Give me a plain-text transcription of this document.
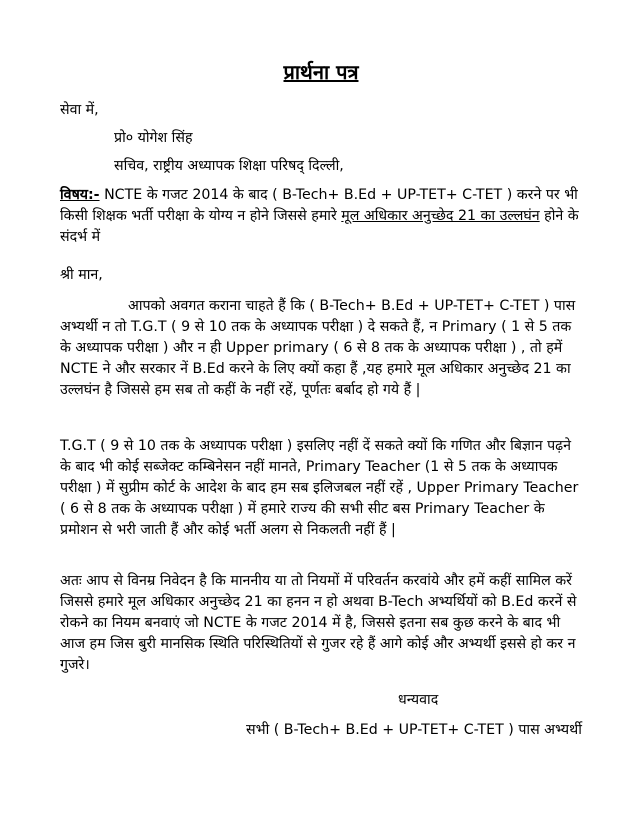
प्रार्थना पत्र
सेवा में,
प्रो० योगेश सिंह
सचिव, राष्ट्रीय अध्यापक शिक्षा परिषद् दिल्ली,
विषय:- NCTE के गजट 2014 के बाद ( B-Tech+ B.Ed + UP-TET+ C-TET ) करने पर भी किसी शिक्षक भर्ती परीक्षा के योग्य न होने जिससे हमारे मूल अधिकार अनुच्छेद 21 का उल्लघंन होने के संदर्भ में
श्री मान,
आपको अवगत कराना चाहते हैं कि ( B-Tech+ B.Ed + UP-TET+ C-TET ) पास अभ्यर्थी न तो T.G.T ( 9 से 10 तक के अध्यापक परीक्षा ) दे सकते हैं, न Primary ( 1 से 5 तक के अध्यापक परीक्षा ) और न ही Upper primary ( 6 से 8 तक के अध्यापक परीक्षा ) , तो हमें NCTE ने और सरकार नें B.Ed करने के लिए क्यों कहा हैं ,यह हमारे मूल अधिकार अनुच्छेद 21 का उल्लघंन है जिससे हम सब तो कहीं के नहीं रहें, पूर्णतः बर्बाद हो गये हैं |
T.G.T ( 9 से 10 तक के अध्यापक परीक्षा ) इसलिए नहीं दें सकते क्यों कि गणित और बिज्ञान पढ़ने के बाद भी कोई सब्जेक्ट कम्बिनेसन नहीं मानते, Primary Teacher (1 से 5 तक के अध्यापक परीक्षा ) में सुप्रीम कोर्ट के आदेश के बाद हम सब इलिजबल नहीं रहें , Upper Primary Teacher ( 6 से 8 तक के अध्यापक परीक्षा ) में हमारे राज्य की सभी सीट बस Primary Teacher के प्रमोशन से भरी जाती हैं और कोई भर्ती अलग से निकलती नहीं हैं |
अतः आप से विनम्र निवेदन है कि माननीय या तो नियमों में परिवर्तन करवांये और हमें कहीं सामिल करें जिससे हमारे मूल अधिकार अनुच्छेद 21 का हनन न हो अथवा B-Tech अभ्यर्थियों को B.Ed करनें से रोकने का नियम बनवाएं जो NCTE के गजट 2014 में है, जिससे इतना सब कुछ करने के बाद भी आज हम जिस बुरी मानसिक स्थिति परिस्थितियों से गुजर रहे हैं आगे कोई और अभ्यर्थी इससे हो कर न गुजरे।
धन्यवाद
सभी ( B-Tech+ B.Ed + UP-TET+ C-TET ) पास अभ्यर्थी
